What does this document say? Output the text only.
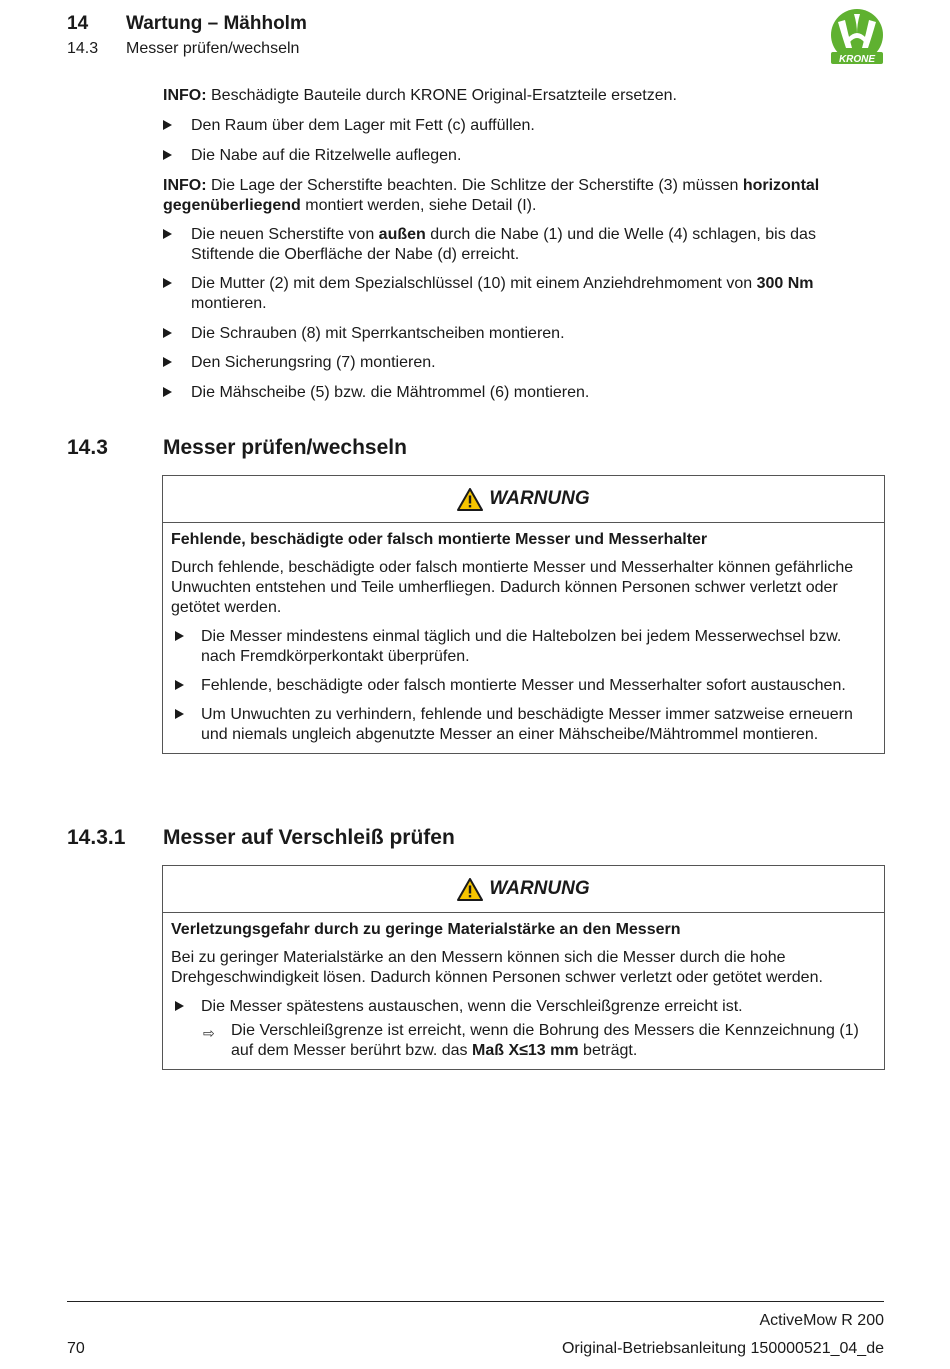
14 Wartung – Mähholm
14.3 Messer prüfen/wechseln
KRONE
INFO: Beschädigte Bauteile durch KRONE Original-Ersatzteile ersetzen.
Den Raum über dem Lager mit Fett (c) auffüllen.
Die Nabe auf die Ritzelwelle auflegen.
INFO: Die Lage der Scherstifte beachten. Die Schlitze der Scherstifte (3) müssen horizontal gegenüberliegend montiert werden, siehe Detail (I).
Die neuen Scherstifte von außen durch die Nabe (1) und die Welle (4) schlagen, bis das Stiftende die Oberfläche der Nabe (d) erreicht.
Die Mutter (2) mit dem Spezialschlüssel (10) mit einem Anziehdrehmoment von 300 Nm montieren.
Die Schrauben (8) mit Sperrkantscheiben montieren.
Den Sicherungsring (7) montieren.
Die Mähscheibe (5) bzw. die Mähtrommel (6) montieren.
14.3	Messer prüfen/wechseln
WARNUNG
Fehlende, beschädigte oder falsch montierte Messer und Messerhalter
Durch fehlende, beschädigte oder falsch montierte Messer und Messerhalter können gefährliche Unwuchten entstehen und Teile umherfliegen. Dadurch können Personen schwer verletzt oder getötet werden.
Die Messer mindestens einmal täglich und die Haltebolzen bei jedem Messerwechsel bzw. nach Fremdkörperkontakt überprüfen.
Fehlende, beschädigte oder falsch montierte Messer und Messerhalter sofort austauschen.
Um Unwuchten zu verhindern, fehlende und beschädigte Messer immer satzweise erneuern und niemals ungleich abgenutzte Messer an einer Mähscheibe/Mähtrommel montieren.
14.3.1 Messer auf Verschleiß prüfen
WARNUNG
Verletzungsgefahr durch zu geringe Materialstärke an den Messern
Bei zu geringer Materialstärke an den Messern können sich die Messer durch die hohe Drehgeschwindigkeit lösen. Dadurch können Personen schwer verletzt oder getötet werden.
Die Messer spätestens austauschen, wenn die Verschleißgrenze erreicht ist.
⇨ Die Verschleißgrenze ist erreicht, wenn die Bohrung des Messers die Kennzeichnung (1) auf dem Messer berührt bzw. das Maß X≤13 mm beträgt.
ActiveMow R 200
70	Original-Betriebsanleitung 150000521_04_de
